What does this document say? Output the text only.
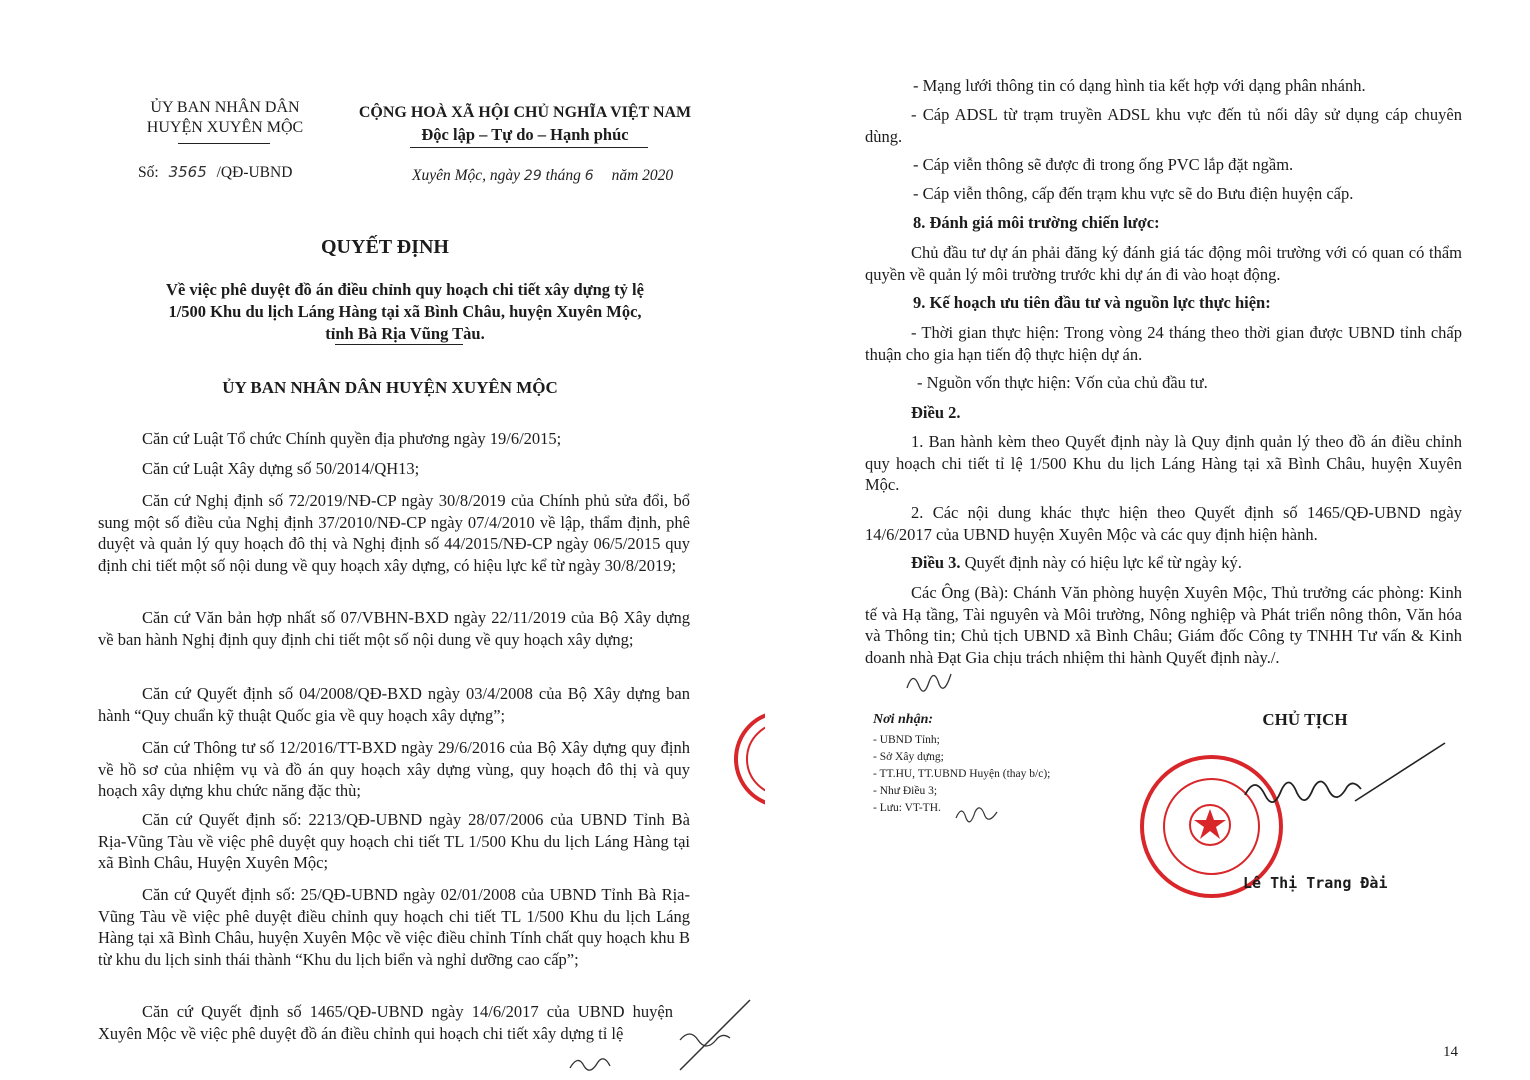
ỦY BAN NHÂN DÂN
HUYỆN XUYÊN MỘC
CỘNG HOÀ XÃ HỘI CHỦ NGHĨA VIỆT NAM
Độc lập – Tự do – Hạnh phúc
Số: 3565 /QĐ-UBND	Xuyên Mộc, ngày 29 tháng 6 năm 2020
QUYẾT ĐỊNH
Về việc phê duyệt đồ án điều chỉnh quy hoạch chi tiết xây dựng tỷ lệ
1/500 Khu du lịch Láng Hàng tại xã Bình Châu, huyện Xuyên Mộc,
tỉnh Bà Rịa Vũng Tàu.
ỦY BAN NHÂN DÂN HUYỆN XUYÊN MỘC

Căn cứ Luật Tổ chức Chính quyền địa phương ngày 19/6/2015;

Căn cứ Luật Xây dựng số 50/2014/QH13;

Căn cứ Nghị định số 72/2019/NĐ-CP ngày 30/8/2019 của Chính phủ sửa đổi, bổ sung một số điều của Nghị định 37/2010/NĐ-CP ngày 07/4/2010 về lập, thẩm định, phê duyệt và quản lý quy hoạch đô thị và Nghị định số 44/2015/NĐ-CP ngày 06/5/2015 quy định chi tiết một số nội dung về quy hoạch xây dựng, có hiệu lực kể từ ngày 30/8/2019;

Căn cứ Văn bản hợp nhất số 07/VBHN-BXD ngày 22/11/2019 của Bộ Xây dựng về ban hành Nghị định quy định chi tiết một số nội dung về quy hoạch xây dựng;

Căn cứ Quyết định số 04/2008/QĐ-BXD ngày 03/4/2008 của Bộ Xây dựng ban hành “Quy chuẩn kỹ thuật Quốc gia về quy hoạch xây dựng”;

Căn cứ Thông tư số 12/2016/TT-BXD ngày 29/6/2016 của Bộ Xây dựng quy định về hồ sơ của nhiệm vụ và đồ án quy hoạch xây dựng vùng, quy hoạch đô thị và quy hoạch xây dựng khu chức năng đặc thù;

Căn cứ Quyết định số: 2213/QĐ-UBND ngày 28/07/2006 của UBND Tỉnh Bà Rịa-Vũng Tàu về việc phê duyệt quy hoạch chi tiết TL 1/500 Khu du lịch Láng Hàng tại xã Bình Châu, Huyện Xuyên Mộc;

Căn cứ Quyết định số: 25/QĐ-UBND ngày 02/01/2008 của UBND Tỉnh Bà Rịa-Vũng Tàu về việc phê duyệt điều chỉnh quy hoạch chi tiết TL 1/500 Khu du lịch Láng Hàng tại xã Bình Châu, huyện Xuyên Mộc về việc điều chỉnh Tính chất quy hoạch khu B từ khu du lịch sinh thái thành “Khu du lịch biển và nghỉ dưỡng cao cấp”;

Căn cứ Quyết định số 1465/QĐ-UBND ngày 14/6/2017 của UBND huyện Xuyên Mộc về việc phê duyệt đồ án điều chỉnh qui hoạch chi tiết xây dựng tỉ lệ

- Mạng lưới thông tin có dạng hình tia kết hợp với dạng phân nhánh.

- Cáp ADSL từ trạm truyền ADSL khu vực đến tủ nối dây sử dụng cáp chuyên dùng.

- Cáp viễn thông sẽ được đi trong ống PVC lắp đặt ngầm.

- Cáp viễn thông, cấp đến trạm khu vực sẽ do Bưu điện huyện cấp.

8. Đánh giá môi trường chiến lược:

Chủ đầu tư dự án phải đăng ký đánh giá tác động môi trường với có quan có thẩm quyền về quản lý môi trường trước khi dự án đi vào hoạt động.

9. Kế hoạch ưu tiên đầu tư và nguồn lực thực hiện:

- Thời gian thực hiện: Trong vòng 24 tháng theo thời gian được UBND tỉnh chấp thuận cho gia hạn tiến độ thực hiện dự án.

- Nguồn vốn thực hiện: Vốn của chủ đầu tư.

Điều 2.

1. Ban hành kèm theo Quyết định này là Quy định quản lý theo đồ án điều chỉnh quy hoạch chi tiết tỉ lệ 1/500 Khu du lịch Láng Hàng tại xã Bình Châu, huyện Xuyên Mộc.

2. Các nội dung khác thực hiện theo Quyết định số 1465/QĐ-UBND ngày 14/6/2017 của UBND huyện Xuyên Mộc và các quy định hiện hành.

Điều 3. Quyết định này có hiệu lực kể từ ngày ký.

Các Ông (Bà): Chánh Văn phòng huyện Xuyên Mộc, Thủ trưởng các phòng: Kinh tế và Hạ tầng, Tài nguyên và Môi trường, Nông nghiệp và Phát triển nông thôn, Văn hóa và Thông tin; Chủ tịch UBND xã Bình Châu; Giám đốc Công ty TNHH Tư vấn & Kinh doanh nhà Đạt Gia chịu trách nhiệm thi hành Quyết định này./.

Nơi nhận:
- UBND Tỉnh;
- Sở Xây dựng;
- TT.HU, TT.UBND Huyện (thay b/c);
- Như Điều 3;
- Lưu: VT-TH.
CHỦ TỊCH
Lê Thị Trang Đài
14
